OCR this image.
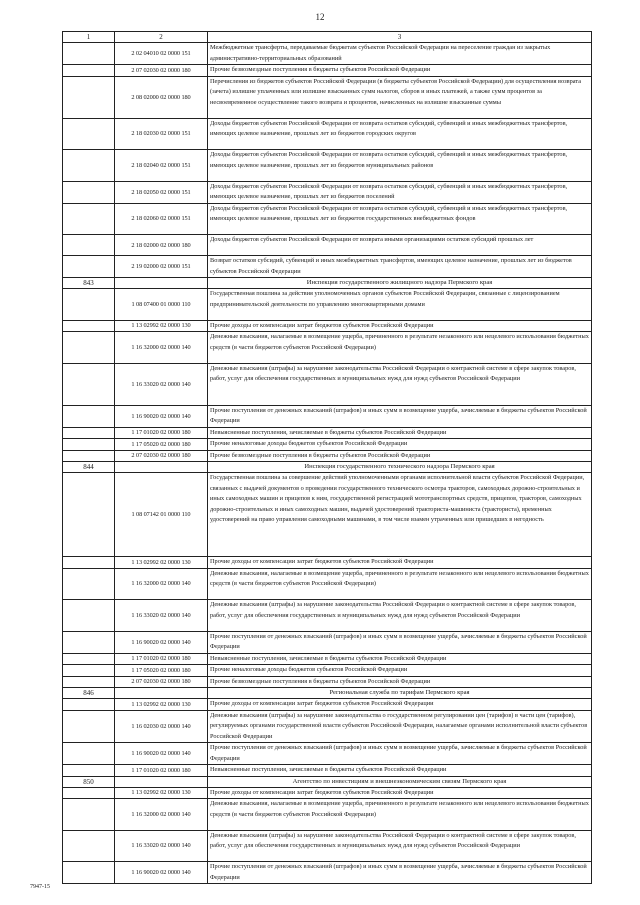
12
1	2	3
	2 02 04010 02 0000 151	Межбюджетные трансферты, передаваемые бюджетам субъектов Российской Федерации на переселение граждан из закрытых административно-территориальных образований
	2 07 02030 02 0000 180	Прочие безвозмездные поступления в бюджеты субъектов Российской Федерации
	2 08 02000 02 0000 180	Перечисления из бюджетов субъектов Российской Федерации (в бюджеты субъектов Российской Федерации) для осуществления возврата (зачета) излишне уплаченных или излишне взысканных сумм налогов, сборов и иных платежей, а также сумм процентов за несвоевременное осуществление такого возврата и процентов, начисленных на излишне взысканные суммы
	2 18 02030 02 0000 151	Доходы бюджетов субъектов Российской Федерации от возврата остатков субсидий, субвенций и иных межбюджетных трансфертов, имеющих целевое назначение, прошлых лет из бюджетов городских округов
	2 18 02040 02 0000 151	Доходы бюджетов субъектов Российской Федерации от возврата остатков субсидий, субвенций и иных межбюджетных трансфертов, имеющих целевое назначение, прошлых лет из бюджетов муниципальных районов
	2 18 02050 02 0000 151	Доходы бюджетов субъектов Российской Федерации от возврата остатков субсидий, субвенций и иных межбюджетных трансфертов, имеющих целевое назначение, прошлых лет из бюджетов поселений
	2 18 02060 02 0000 151	Доходы бюджетов субъектов Российской Федерации от возврата остатков субсидий, субвенций и иных межбюджетных трансфертов, имеющих целевое назначение, прошлых лет из бюджетов государственных внебюджетных фондов
	2 18 02000 02 0000 180	Доходы бюджетов субъектов Российской Федерации от возврата иными организациями остатков субсидий прошлых лет
	2 19 02000 02 0000 151	Возврат остатков субсидий, субвенций и иных межбюджетных трансфертов, имеющих целевое назначение, прошлых лет из бюджетов субъектов Российской Федерации
843		Инспекция государственного жилищного надзора Пермского края
	1 08 07400 01 0000 110	Государственная пошлина за действия уполномоченных органов субъектов Российской Федерации, связанные с лицензированием предпринимательской деятельности по управлению многоквартирными домами
	1 13 02992 02 0000 130	Прочие доходы от компенсации затрат бюджетов субъектов Российской Федерации
	1 16 32000 02 0000 140	Денежные взыскания, налагаемые в возмещение ущерба, причиненного в результате незаконного или нецелевого использования бюджетных средств (в части бюджетов субъектов Российской Федерации)
	1 16 33020 02 0000 140	Денежные взыскания (штрафы) за нарушение законодательства Российской Федерации о контрактной системе в сфере закупок товаров, работ, услуг для обеспечения государственных и муниципальных нужд для нужд субъектов Российской Федерации
	1 16 90020 02 0000 140	Прочие поступления от денежных взысканий (штрафов) и иных сумм в возмещение ущерба, зачисляемые в бюджеты субъектов Российской Федерации
	1 17 01020 02 0000 180	Невыясненные поступления, зачисляемые в бюджеты субъектов Российской Федерации
	1 17 05020 02 0000 180	Прочие неналоговые доходы бюджетов субъектов Российской Федерации
	2 07 02030 02 0000 180	Прочие безвозмездные поступления в бюджеты субъектов Российской Федерации
844		Инспекция государственного технического надзора Пермского края
	1 08 07142 01 0000 110	Государственная пошлина за совершение действий уполномоченными органами исполнительной власти субъектов Российской Федерации, связанных с выдачей документов о проведении государственного технического осмотра тракторов, самоходных дорожно-строительных и иных самоходных машин и прицепов к ним, государственной регистрацией мототранспортных средств, прицепов, тракторов, самоходных дорожно-строительных и иных самоходных машин, выдачей удостоверений тракториста-машиниста (тракториста), временных удостоверений на право управления самоходными машинами, в том числе взамен утраченных или пришедших в негодность
	1 13 02992 02 0000 130	Прочие доходы от компенсации затрат бюджетов субъектов Российской Федерации
	1 16 32000 02 0000 140	Денежные взыскания, налагаемые в возмещение ущерба, причиненного в результате незаконного или нецелевого использования бюджетных средств (в части бюджетов субъектов Российской Федерации)
	1 16 33020 02 0000 140	Денежные взыскания (штрафы) за нарушение законодательства Российской Федерации о контрактной системе в сфере закупок товаров, работ, услуг для обеспечения государственных и муниципальных нужд для нужд субъектов Российской Федерации
	1 16 90020 02 0000 140	Прочие поступления от денежных взысканий (штрафов) и иных сумм в возмещение ущерба, зачисляемые в бюджеты субъектов Российской Федерации
	1 17 01020 02 0000 180	Невыясненные поступления, зачисляемые в бюджеты субъектов Российской Федерации
	1 17 05020 02 0000 180	Прочие неналоговые доходы бюджетов субъектов Российской Федерации
	2 07 02030 02 0000 180	Прочие безвозмездные поступления в бюджеты субъектов Российской Федерации
846		Региональная служба по тарифам Пермского края
	1 13 02992 02 0000 130	Прочие доходы от компенсации затрат бюджетов субъектов Российской Федерации
	1 16 02030 02 0000 140	Денежные взыскания (штрафы) за нарушение законодательства о государственном регулировании цен (тарифов) в части цен (тарифов), регулируемых органами государственной власти субъектов Российской Федерации, налагаемые органами исполнительной власти субъектов Российской Федерации
	1 16 90020 02 0000 140	Прочие поступления от денежных взысканий (штрафов) и иных сумм в возмещение ущерба, зачисляемые в бюджеты субъектов Российской Федерации
	1 17 01020 02 0000 180	Невыясненные поступления, зачисляемые в бюджеты субъектов Российской Федерации
850		Агентство по инвестициям и внешнеэкономическим связям Пермского края
	1 13 02992 02 0000 130	Прочие доходы от компенсации затрат бюджетов субъектов Российской Федерации
	1 16 32000 02 0000 140	Денежные взыскания, налагаемые в возмещение ущерба, причиненного в результате незаконного или нецелевого использования бюджетных средств (в части бюджетов субъектов Российской Федерации)
	1 16 33020 02 0000 140	Денежные взыскания (штрафы) за нарушение законодательства Российской Федерации о контрактной системе в сфере закупок товаров, работ, услуг для обеспечения государственных и муниципальных нужд для нужд субъектов Российской Федерации
	1 16 90020 02 0000 140	Прочие поступления от денежных взысканий (штрафов) и иных сумм в возмещение ущерба, зачисляемые в бюджеты субъектов Российской Федерации
7947-15
